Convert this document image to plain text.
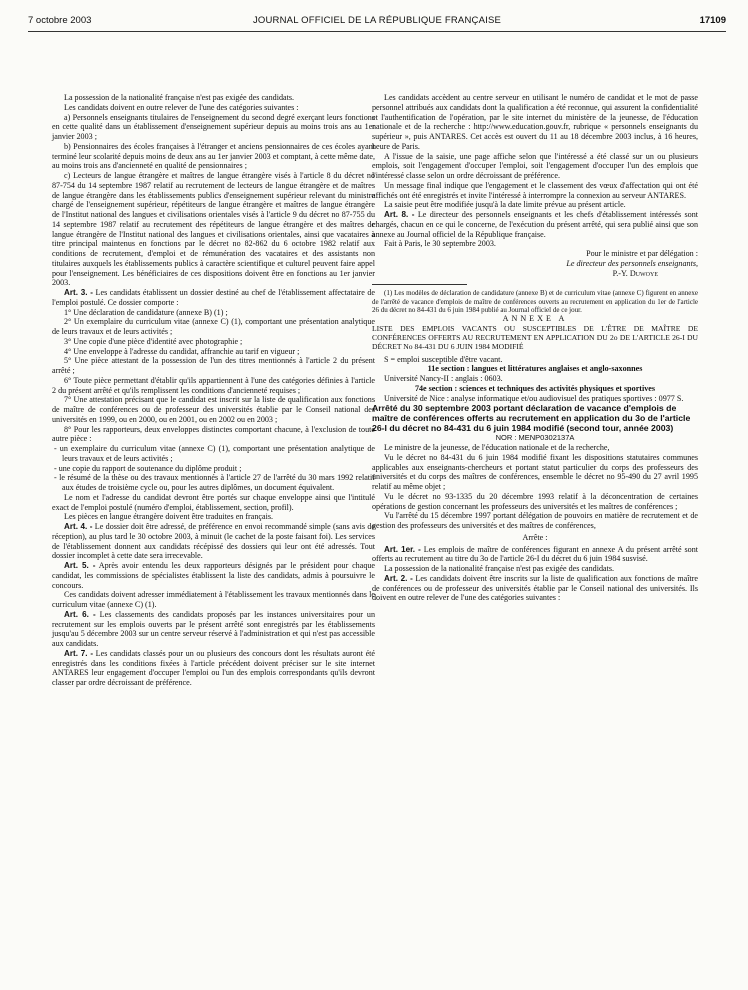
7 octobre 2003	JOURNAL OFFICIEL DE LA RÉPUBLIQUE FRANÇAISE	17109

La possession de la nationalité française n'est pas exigée des candidats.

Les candidats doivent en outre relever de l'une des catégories suivantes :

a) Personnels enseignants titulaires de l'enseignement du second degré exerçant leurs fonctions en cette qualité dans un établissement d'enseignement supérieur depuis au moins trois ans au 1er janvier 2003 ;

b) Pensionnaires des écoles françaises à l'étranger et anciens pensionnaires de ces écoles ayant terminé leur scolarité depuis moins de deux ans au 1er janvier 2003 et comptant, à cette même date, au moins trois ans d'ancienneté en qualité de pensionnaires ;

c) Lecteurs de langue étrangère et maîtres de langue étrangère visés à l'article 8 du décret no 87-754 du 14 septembre 1987 relatif au recrutement de lecteurs de langue étrangère et de maîtres de langue étrangère dans les établissements publics d'enseignement supérieur relevant du ministre chargé de l'enseignement supérieur, répétiteurs de langue étrangère et maîtres de langue étrangère de l'Institut national des langues et civilisations orientales visés à l'article 9 du décret no 87-755 du 14 septembre 1987 relatif au recrutement des répétiteurs de langue étrangère et des maîtres de langue étrangère de l'Institut national des langues et civilisations orientales, ainsi que vacataires à titre principal maintenus en fonctions par le décret no 82-862 du 6 octobre 1982 relatif aux conditions de recrutement, d'emploi et de rémunération des vacataires et des assistants non titulaires auxquels les établissements publics à caractère scientifique et culturel peuvent faire appel pour l'enseignement. Les bénéficiaires de ces dispositions doivent être en fonctions au 1er janvier 2003.

Art. 3. - Les candidats établissent un dossier destiné au chef de l'établissement affectataire de l'emploi postulé. Ce dossier comporte :

1° Une déclaration de candidature (annexe B) (1) ;

2° Un exemplaire du curriculum vitae (annexe C) (1), comportant une présentation analytique de leurs travaux et de leurs activités ;

3° Une copie d'une pièce d'identité avec photographie ;

4° Une enveloppe à l'adresse du candidat, affranchie au tarif en vigueur ;

5° Une pièce attestant de la possession de l'un des titres mentionnés à l'article 2 du présent arrêté ;

6° Toute pièce permettant d'établir qu'ils appartiennent à l'une des catégories définies à l'article 2 du présent arrêté et qu'ils remplissent les conditions d'ancienneté requises ;

7° Une attestation précisant que le candidat est inscrit sur la liste de qualification aux fonctions de maître de conférences ou de professeur des universités établie par le Conseil national des universités en 1999, ou en 2000, ou en 2001, ou en 2002 ou en 2003 ;

8° Pour les rapporteurs, deux enveloppes distinctes comportant chacune, à l'exclusion de toute autre pièce :

- un exemplaire du curriculum vitae (annexe C) (1), comportant une présentation analytique de leurs travaux et de leurs activités ;

- une copie du rapport de soutenance du diplôme produit ;

- le résumé de la thèse ou des travaux mentionnés à l'article 27 de l'arrêté du 30 mars 1992 relatif aux études de troisième cycle ou, pour les autres diplômes, un document équivalent.

Le nom et l'adresse du candidat devront être portés sur chaque enveloppe ainsi que l'intitulé exact de l'emploi postulé (numéro d'emploi, établissement, section, profil).

Les pièces en langue étrangère doivent être traduites en français.

Art. 4. - Le dossier doit être adressé, de préférence en envoi recommandé simple (sans avis de réception), au plus tard le 30 octobre 2003, à minuit (le cachet de la poste faisant foi). Les services de l'établissement donnent aux candidats récépissé des dossiers qui leur ont été adressés. Tout dossier incomplet à cette date sera irrecevable.

Art. 5. - Après avoir entendu les deux rapporteurs désignés par le président pour chaque candidat, les commissions de spécialistes établissent la liste des candidats, admis à poursuivre le concours.

Ces candidats doivent adresser immédiatement à l'établissement les travaux mentionnés dans le curriculum vitae (annexe C) (1).

Art. 6. - Les classements des candidats proposés par les instances universitaires pour un recrutement sur les emplois ouverts par le présent arrêté sont enregistrés par les établissements jusqu'au 5 décembre 2003 sur un centre serveur réservé à l'administration et qui n'est pas accessible aux candidats.

Art. 7. - Les candidats classés pour un ou plusieurs des concours dont les résultats auront été enregistrés dans les conditions fixées à l'article précédent doivent préciser sur le site internet ANTARES leur engagement d'occuper l'emploi ou l'un des emplois correspondants qu'ils devront classer par ordre décroissant de préférence.

Les candidats accèdent au centre serveur en utilisant le numéro de candidat et le mot de passe personnel attribués aux candidats dont la qualification a été reconnue, qui assurent la confidentialité et l'authentification de l'opération, par le site internet du ministère de la jeunesse, de l'éducation nationale et de la recherche : http://www.education.gouv.fr, rubrique « personnels enseignants du supérieur », puis ANTARES. Cet accès est ouvert du 11 au 18 décembre 2003 inclus, à 16 heures, heure de Paris.

A l'issue de la saisie, une page affiche selon que l'intéressé a été classé sur un ou plusieurs emplois, soit l'engagement d'occuper l'emploi, soit l'engagement d'occuper l'un des emplois que l'intéressé classe selon un ordre décroissant de préférence.

Un message final indique que l'engagement et le classement des vœux d'affectation qui ont été affichés ont été enregistrés et invite l'intéressé à interrompre la connexion au serveur ANTARES.

La saisie peut être modifiée jusqu'à la date limite prévue au présent article.

Art. 8. - Le directeur des personnels enseignants et les chefs d'établissement intéressés sont chargés, chacun en ce qui le concerne, de l'exécution du présent arrêté, qui sera publié ainsi que son annexe au Journal officiel de la République française.

Fait à Paris, le 30 septembre 2003.

Pour le ministre et par délégation :

Le directeur des personnels enseignants,

P.-Y. Duwoye

(1) Les modèles de déclaration de candidature (annexe B) et de curriculum vitae (annexe C) figurent en annexe de l'arrêté de vacance d'emplois de maître de conférences ouverts au recrutement en application du 1er de l'article 26 du décret no 84-431 du 6 juin 1984 publié au Journal officiel de ce jour.

ANNEXE A

LISTE DES EMPLOIS VACANTS OU SUSCEPTIBLES DE L'ÊTRE DE MAÎTRE DE CONFÉRENCES OFFERTS AU RECRUTEMENT EN APPLICATION DU 2o DE L'ARTICLE 26-I DU DÉCRET No 84-431 DU 6 JUIN 1984 MODIFIÉ

S = emploi susceptible d'être vacant.

11e section : langues et littératures anglaises et anglo-saxonnes

Université Nancy-II : anglais : 0603.

74e section : sciences et techniques des activités physiques et sportives

Université de Nice : analyse informatique et/ou audiovisuel des pratiques sportives : 0977 S.

Arrêté du 30 septembre 2003 portant déclaration de vacance d'emplois de maître de conférences offerts au recrutement en application du 3o de l'article 26-I du décret no 84-431 du 6 juin 1984 modifié (second tour, année 2003)

NOR : MENP0302137A

Le ministre de la jeunesse, de l'éducation nationale et de la recherche,

Vu le décret no 84-431 du 6 juin 1984 modifié fixant les dispositions statutaires communes applicables aux enseignants-chercheurs et portant statut particulier du corps des professeurs des universités et du corps des maîtres de conférences, ensemble le décret no 95-490 du 27 avril 1995 relatif au même objet ;

Vu le décret no 93-1335 du 20 décembre 1993 relatif à la déconcentration de certaines opérations de gestion concernant les professeurs des universités et les maîtres de conférences ;

Vu l'arrêté du 15 décembre 1997 portant délégation de pouvoirs en matière de recrutement et de gestion des professeurs des universités et des maîtres de conférences,

Arrête :

Art. 1er. - Les emplois de maître de conférences figurant en annexe A du présent arrêté sont offerts au recrutement au titre du 3o de l'article 26-I du décret du 6 juin 1984 susvisé.

La possession de la nationalité française n'est pas exigée des candidats.

Art. 2. - Les candidats doivent être inscrits sur la liste de qualification aux fonctions de maître de conférences ou de professeur des universités établie par le Conseil national des universités. Ils doivent en outre relever de l'une des catégories suivantes :
